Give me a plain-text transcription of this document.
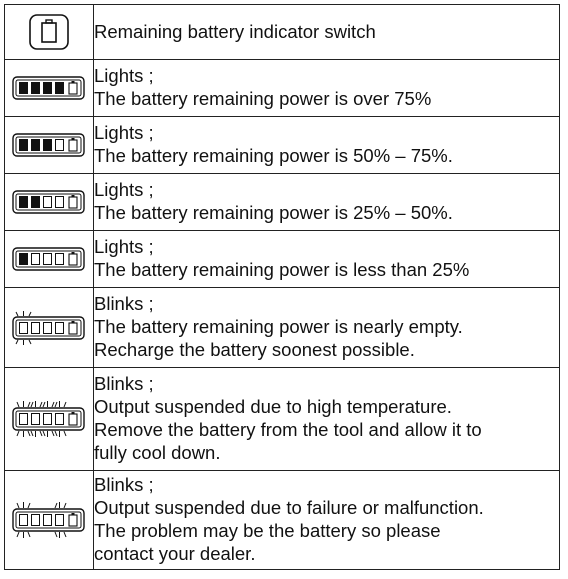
Remaining battery indicator switch

Lights ;
The battery remaining power is over 75%

Lights ;
The battery remaining power is 50% – 75%.

Lights ;
The battery remaining power is 25% – 50%.

Lights ;
The battery remaining power is less than 25%

Blinks ;
The battery remaining power is nearly empty.
Recharge the battery soonest possible.

Blinks ;
Output suspended due to high temperature.
Remove the battery from the tool and allow it to
fully cool down.

Blinks ;
Output suspended due to failure or malfunction.
The problem may be the battery so please
contact your dealer.
